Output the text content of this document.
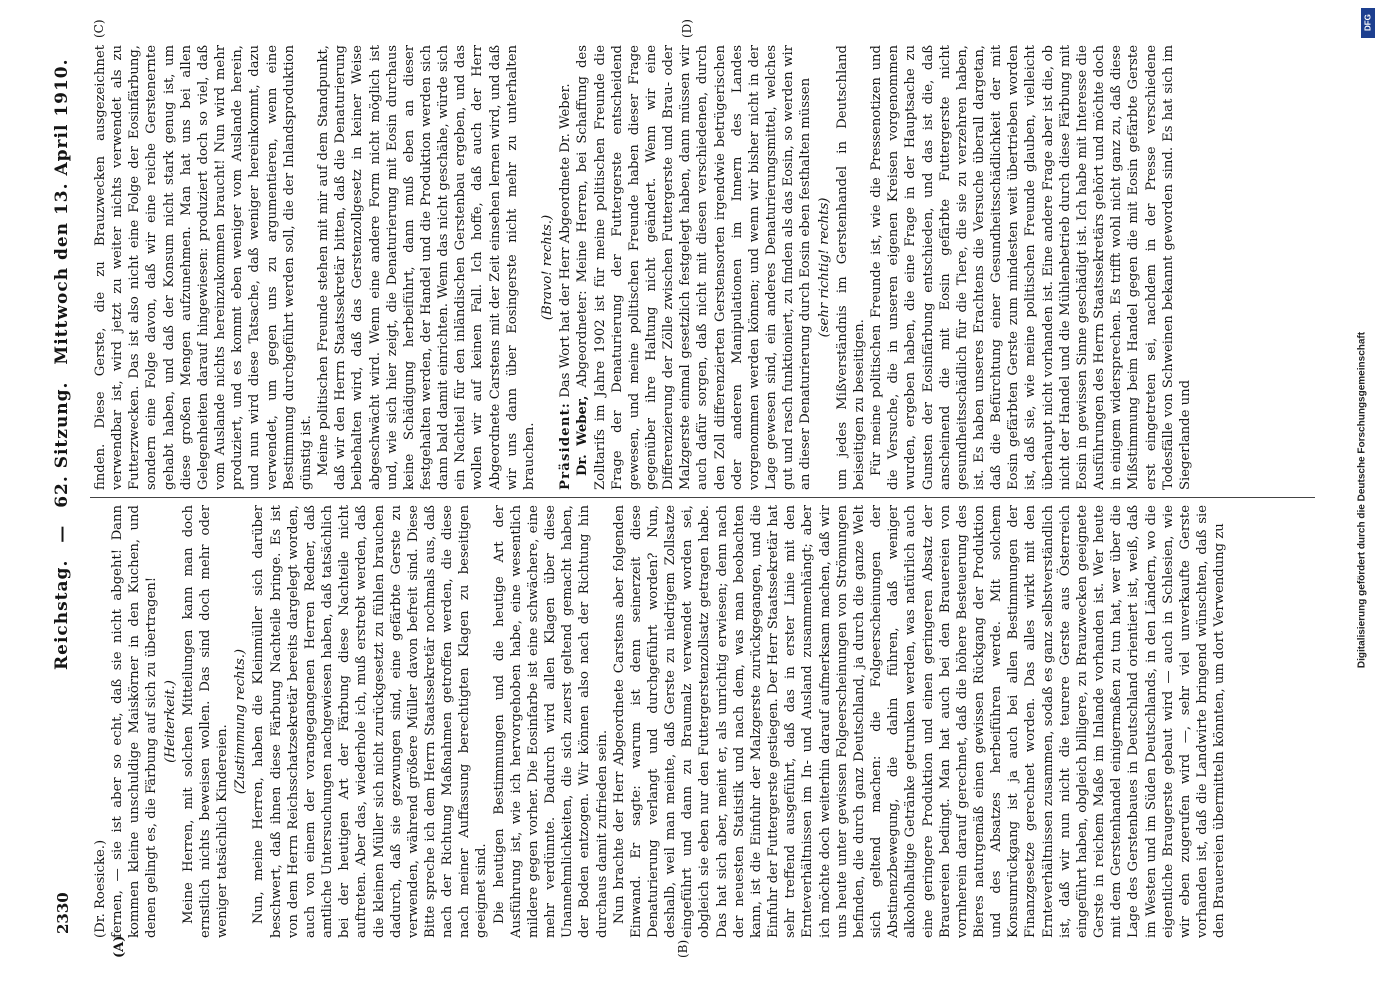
2330
Reichstag. — 62. Sitzung. Mittwoch den 13. April 1910.
(A)	(B)
(C)	(D)

(Dr. Roesicke.) fernen, — sie ist aber so echt, daß sie nicht abgeht! Dann kommen kleine unschuldige Maiskörner in den Kuchen, und denen gelingt es, die Färbung auf sich zu übertragen! (Heiterkeit.) Meine Herren, mit solchen Mitteilungen kann man doch ernstlich nichts beweisen wollen. Das sind doch mehr oder weniger tatsächlich Kindereien.

(Zustimmung rechts.) Nun, meine Herren, haben die Kleinmüller sich darüber beschwert, daß ihnen diese Färbung Nachteile bringe. Es ist von dem Herrn Reichsschatzsekretär bereits dargelegt worden, auch von einem der vorangegangenen Herren Redner, daß amtliche Untersuchungen nachgewiesen haben, daß tatsächlich bei der heutigen Art der Färbung diese Nachteile nicht auftreten. Aber das, wiederhole ich, muß erstrebt werden, daß die kleinen Müller sich nicht zurückgesetzt zu fühlen brauchen dadurch, daß sie gezwungen sind, eine gefärbte Gerste zu verwenden, während größere Müller davon befreit sind. Diese Bitte spreche ich dem Herrn Staatssekretär nochmals aus, daß nach der Richtung Maßnahmen getroffen werden, die diese nach meiner Auffassung berechtigten Klagen zu beseitigen geeignet sind. Die heutigen Bestimmungen und die heutige Art der Ausführung ist, wie ich hervorgehoben habe, eine wesentlich mildere gegen vorher. Die Eosinfarbe ist eine schwächere, eine mehr verdünnte. Dadurch wird allen Klagen über diese Unannehmlichkeiten, die sich zuerst geltend gemacht haben, der Boden entzogen. Wir können also nach der Richtung hin durchaus damit zufrieden sein. Nun brachte der Herr Abgeordnete Carstens aber folgenden Einwand. Er sagte: warum ist denn seinerzeit diese Denaturierung verlangt und durchgeführt worden? Nun, deshalb, weil man meinte, daß Gerste zu niedrigem Zollsatze eingeführt und dann zu Braumalz verwendet worden sei, obgleich sie eben nur den Futtergerstenzollsatz getragen habe. Das hat sich aber, meint er, als unrichtig erwiesen; denn nach der neuesten Statistik und nach dem, was man beobachten kann, ist die Einfuhr der Malzgerste zurückgegangen, und die Einfuhr der Futtergerste gestiegen. Der Herr Staatssekretär hat sehr treffend ausgeführt, daß das in erster Linie mit den Ernteverhältnissen im In- und Ausland zusammenhängt; aber ich möchte doch weiterhin darauf aufmerksam machen, daß wir uns heute unter gewissen Folgeerscheinungen von Strömungen befinden, die durch ganz Deutschland, ja durch die ganze Welt sich geltend machen: die Folgeerscheinungen der Abstinenzbewegung, die dahin führen, daß weniger alkoholhaltige Getränke getrunken werden, was natürlich auch eine geringere Produktion und einen geringeren Absatz der Brauereien bedingt. Man hat auch bei den Brauereien von vornherein darauf gerechnet, daß die höhere Besteuerung des Bieres naturgemäß einen gewissen Rückgang der Produktion und des Absatzes herbeiführen werde. Mit solchem Konsumrückgang ist ja auch bei allen Bestimmungen der Finanzgesetze gerechnet worden. Das alles wirkt mit den Ernteverhältnissen zusammen, sodaß es ganz selbstverständlich ist, daß wir nun nicht die teurere Gerste aus Österreich eingeführt haben, obgleich billigere, zu Brauzwecken geeignete Gerste in reichem Maße im Inlande vorhanden ist. Wer heute mit dem Gerstenhandel einigermaßen zu tun hat, wer über die Lage des Gerstenbaues in Deutschland orientiert ist, weiß, daß im Westen und im Süden Deutschlands, in den Ländern, wo die eigentliche Braugerste gebaut wird — auch in Schlesien, wie wir eben zugerufen wird —, sehr viel unverkaufte Gerste vorhanden ist, daß die Landwirte bringend wünschten, daß sie den Brauereien übermitteln könnten, um dort Verwendung zu

finden. Diese Gerste, die zu Brauzwecken ausgezeichnet verwendbar ist, wird jetzt zu weiter nichts verwendet als zu Futterzwecken. Das ist also nicht eine Folge der Eosinfärbung, sondern eine Folge davon, daß wir eine reiche Gerstenernte gehabt haben, und daß der Konsum nicht stark genug ist, um diese großen Mengen aufzunehmen. Man hat uns bei allen Gelegenheiten darauf hingewiesen: produziert doch so viel, daß vom Auslande nichts hereinzukommen braucht! Nun wird mehr produziert, und es kommt eben weniger vom Auslande herein, und nun wird diese Tatsache, daß weniger hereinkommt, dazu verwendet, um gegen uns zu argumentieren, wenn eine Bestimmung durchgeführt werden soll, die der Inlandsproduktion günstig ist. Meine politischen Freunde stehen mit mir auf dem Standpunkt, daß wir den Herrn Staatssekretär bitten, daß die Denaturierung beibehalten wird, daß das Gerstenzollgesetz in keiner Weise abgeschwächt wird. Wenn eine andere Form nicht möglich ist und, wie sich hier zeigt, die Denaturierung mit Eosin durchaus keine Schädigung herbeiführt, dann muß eben an dieser festgehalten werden, der Handel und die Produktion werden sich dann bald damit einrichten. Wenn das nicht geschähe, würde sich ein Nachteil für den inländischen Gerstenbau ergeben, und das wollen wir auf keinen Fall. Ich hoffe, daß auch der Herr Abgeordnete Carstens mit der Zeit einsehen lernen wird, und daß wir uns dann über Eosingerste nicht mehr zu unterhalten brauchen.

(Bravo! rechts.)

Präsident: Das Wort hat der Herr Abgeordnete Dr. Weber.

Dr. Weber, Abgeordneter: Meine Herren, bei Schaffung des Zolltarifs im Jahre 1902 ist für meine politischen Freunde die Frage der Denaturierung der Futtergerste entscheidend gewesen, und meine politischen Freunde haben dieser Frage gegenüber ihre Haltung nicht geändert. Wenn wir eine Differenzierung der Zölle zwischen Futtergerste und Brau- oder Malzgerste einmal gesetzlich festgelegt haben, dann müssen wir auch dafür sorgen, daß nicht mit diesen verschiedenen, durch den Zoll differenzierten Gerstensorten irgendwie betrügerischen oder anderen Manipulationen im Innern des Landes vorgenommen werden können; und wenn wir bisher nicht in der Lage gewesen sind, ein anderes Denaturierungsmittel, welches gut und rasch funktioniert, zu finden als das Eosin, so werden wir an dieser Denaturierung durch Eosin eben festhalten müssen (sehr richtig! rechts) um jedes Mißverständnis im Gerstenhandel in Deutschland beiseitigen zu beseitigen. Für meine politischen Freunde ist, wie die Pressenotizen und die Versuche, die in unseren eigenen Kreisen vorgenommen wurden, ergeben haben, die eine Frage in der Hauptsache zu Gunsten der Eosinfärbung entschieden, und das ist die, daß anscheinend die mit Eosin gefärbte Futtergerste nicht gesundheitsschädlich für die Tiere, die sie zu verzehren haben, ist. Es haben unseres Erachtens die Versuche überall dargetan, daß die Befürchtung einer Gesundheitsschädlichkeit der mit Eosin gefärbten Gerste zum mindesten weit übertrieben worden ist, daß sie, wie meine politischen Freunde glauben, vielleicht überhaupt nicht vorhanden ist. Eine andere Frage aber ist die, ob nicht der Handel und die Mühlenbetrieb durch diese Färbung mit Eosin in gewissen Sinne geschädigt ist. Ich habe mit Interesse die Ausführungen des Herrn Staatssekretärs gehört und möchte doch in einigem widersprechen. Es trifft wohl nicht ganz zu, daß diese Mißstimmung beim Handel gegen die mit Eosin gefärbte Gerste erst eingetreten sei, nachdem in der Presse verschiedene Todesfälle von Schweinen bekannt geworden sind. Es hat sich im Siegerlande und	Digitalisierung gefördert durch die Deutsche Forschungsgemeinschaft
DFG
